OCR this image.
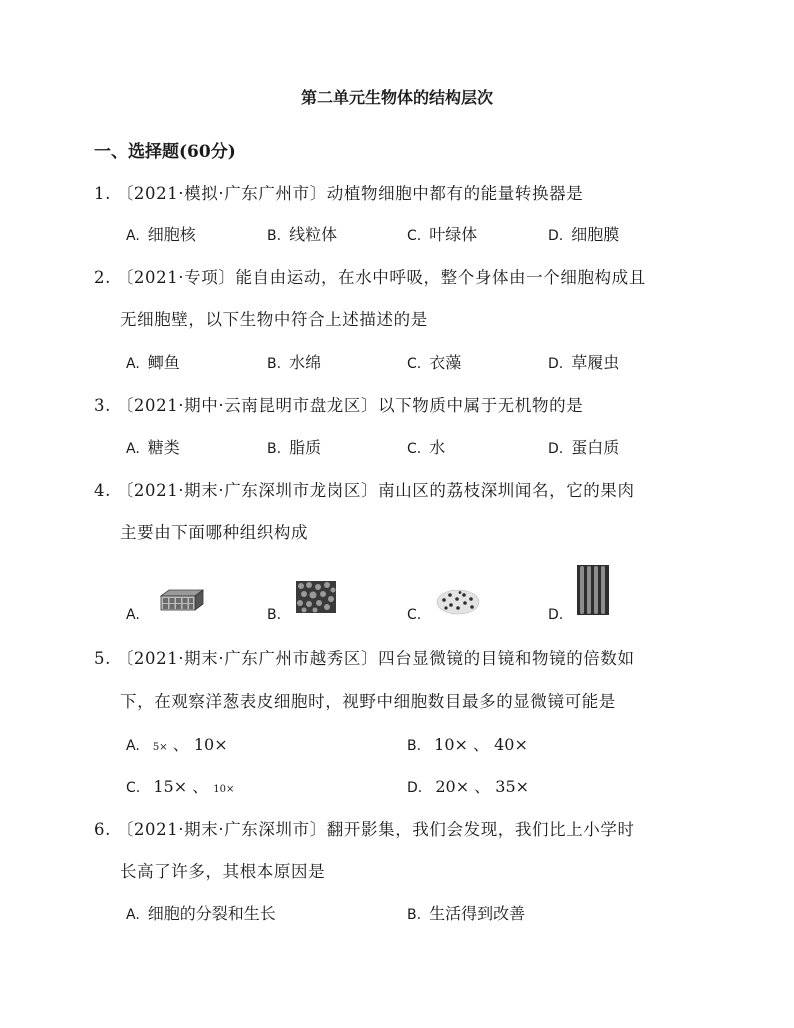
第二单元生物体的结构层次
一、选择题(60分)
1. 〔2021·模拟·广东广州市〕动植物细胞中都有的能量转换器是
A. 细胞核	B. 线粒体	C. 叶绿体	D. 细胞膜
2. 〔2021·专项〕能自由运动，在水中呼吸，整个身体由一个细胞构成且
无细胞壁，以下生物中符合上述描述的是
A. 鲫鱼	B. 水绵	C. 衣藻	D. 草履虫
3. 〔2021·期中·云南昆明市盘龙区〕以下物质中属于无机物的是
A. 糖类	B. 脂质	C. 水	D. 蛋白质
4. 〔2021·期末·广东深圳市龙岗区〕南山区的荔枝深圳闻名，它的果肉
主要由下面哪种组织构成
A.	B.	C.	D.
5. 〔2021·期末·广东广州市越秀区〕四台显微镜的目镜和物镜的倍数如
下，在观察洋葱表皮细胞时，视野中细胞数目最多的显微镜可能是
A. 5× 、 10×	B. 10× 、 40×
C. 15× 、 10×	D. 20× 、 35×
6. 〔2021·期末·广东深圳市〕翻开影集，我们会发现，我们比上小学时
长高了许多，其根本原因是
A. 细胞的分裂和生长	B. 生活得到改善
